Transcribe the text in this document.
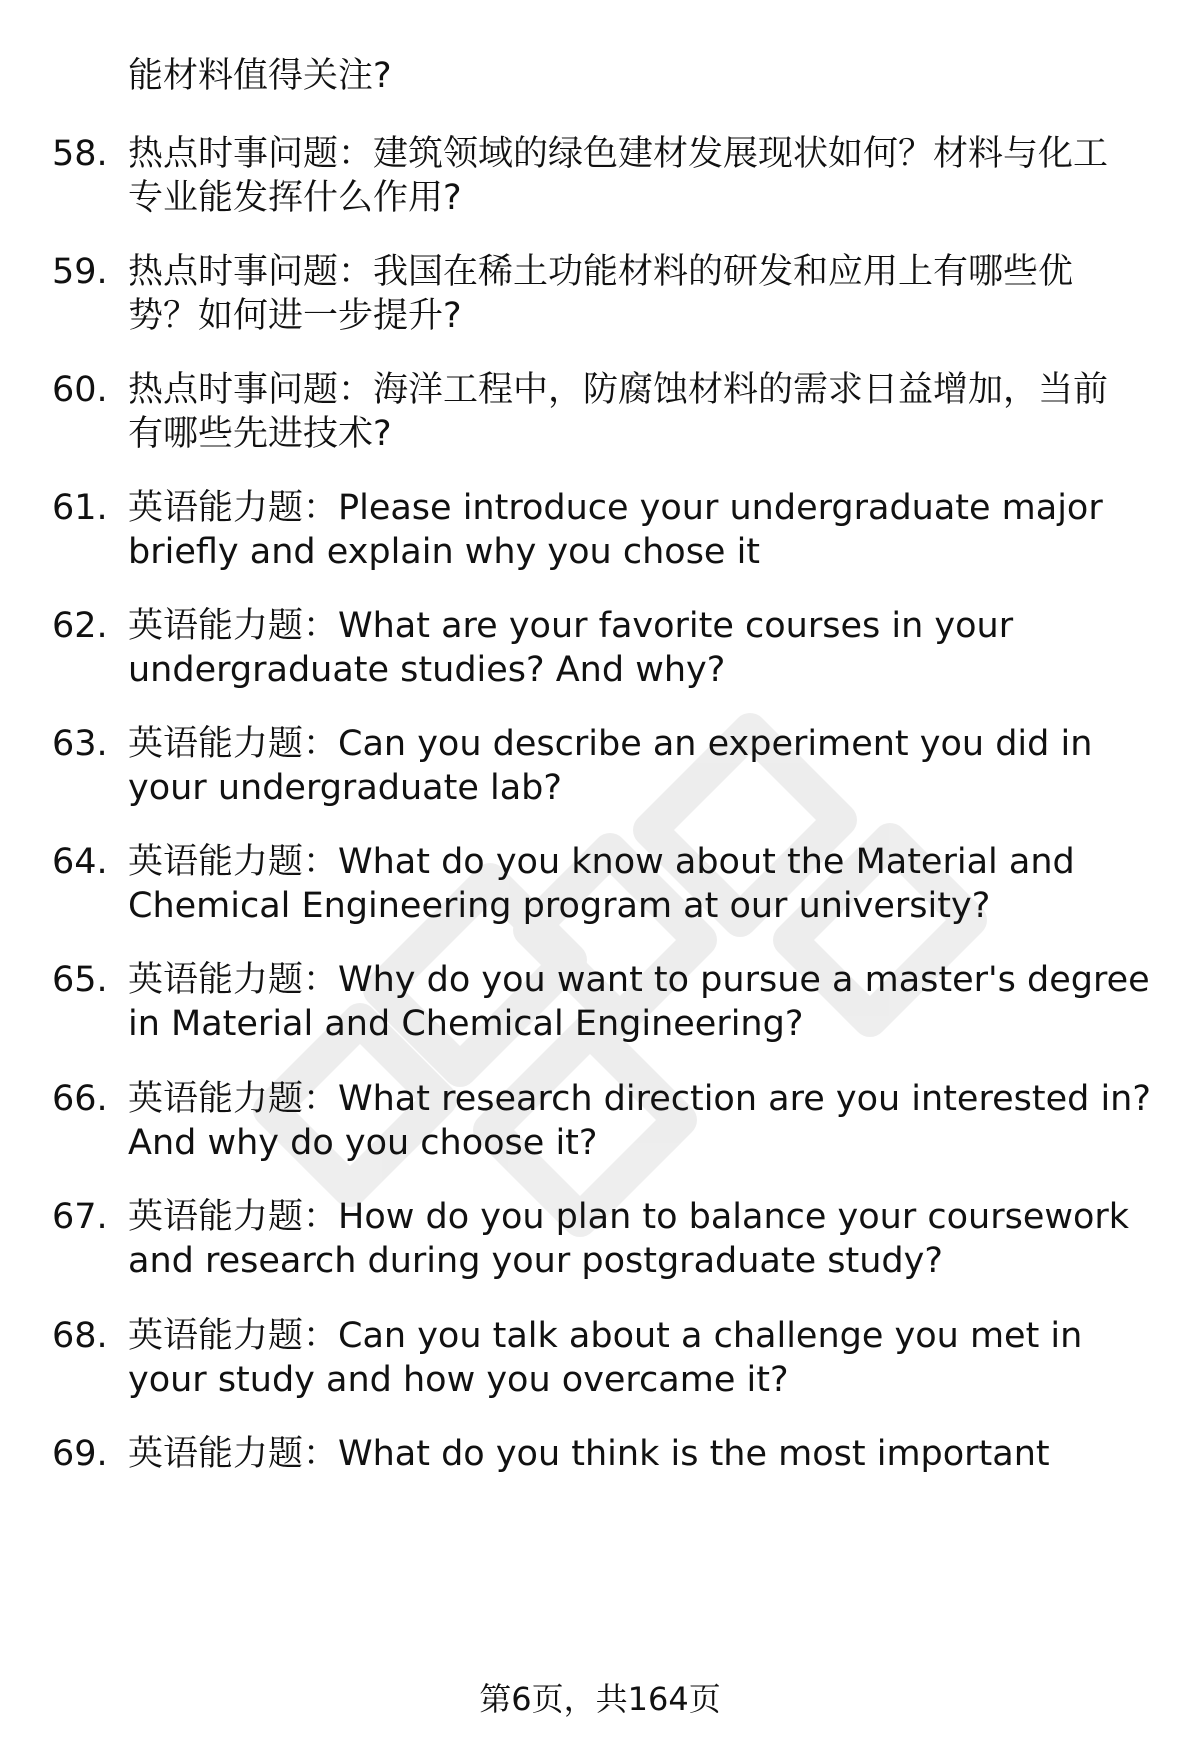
能材料值得关注?
58. 热点时事问题：建筑领域的绿色建材发展现状如何？材料与化工
专业能发挥什么作用?
59. 热点时事问题：我国在稀土功能材料的研发和应用上有哪些优
势？如何进一步提升?
60. 热点时事问题：海洋工程中，防腐蚀材料的需求日益增加，当前
有哪些先进技术?
61. 英语能力题：Please introduce your undergraduate major
briefly and explain why you chose it
62. 英语能力题：What are your favorite courses in your
undergraduate studies? And why?
63. 英语能力题：Can you describe an experiment you did in
your undergraduate lab?
64. 英语能力题：What do you know about the Material and
Chemical Engineering program at our university?
65. 英语能力题：Why do you want to pursue a master's degree
in Material and Chemical Engineering?
66. 英语能力题：What research direction are you interested in?
And why do you choose it?
67. 英语能力题：How do you plan to balance your coursework
and research during your postgraduate study?
68. 英语能力题：Can you talk about a challenge you met in
your study and how you overcame it?
69. 英语能力题：What do you think is the most important
第6页，共164页
